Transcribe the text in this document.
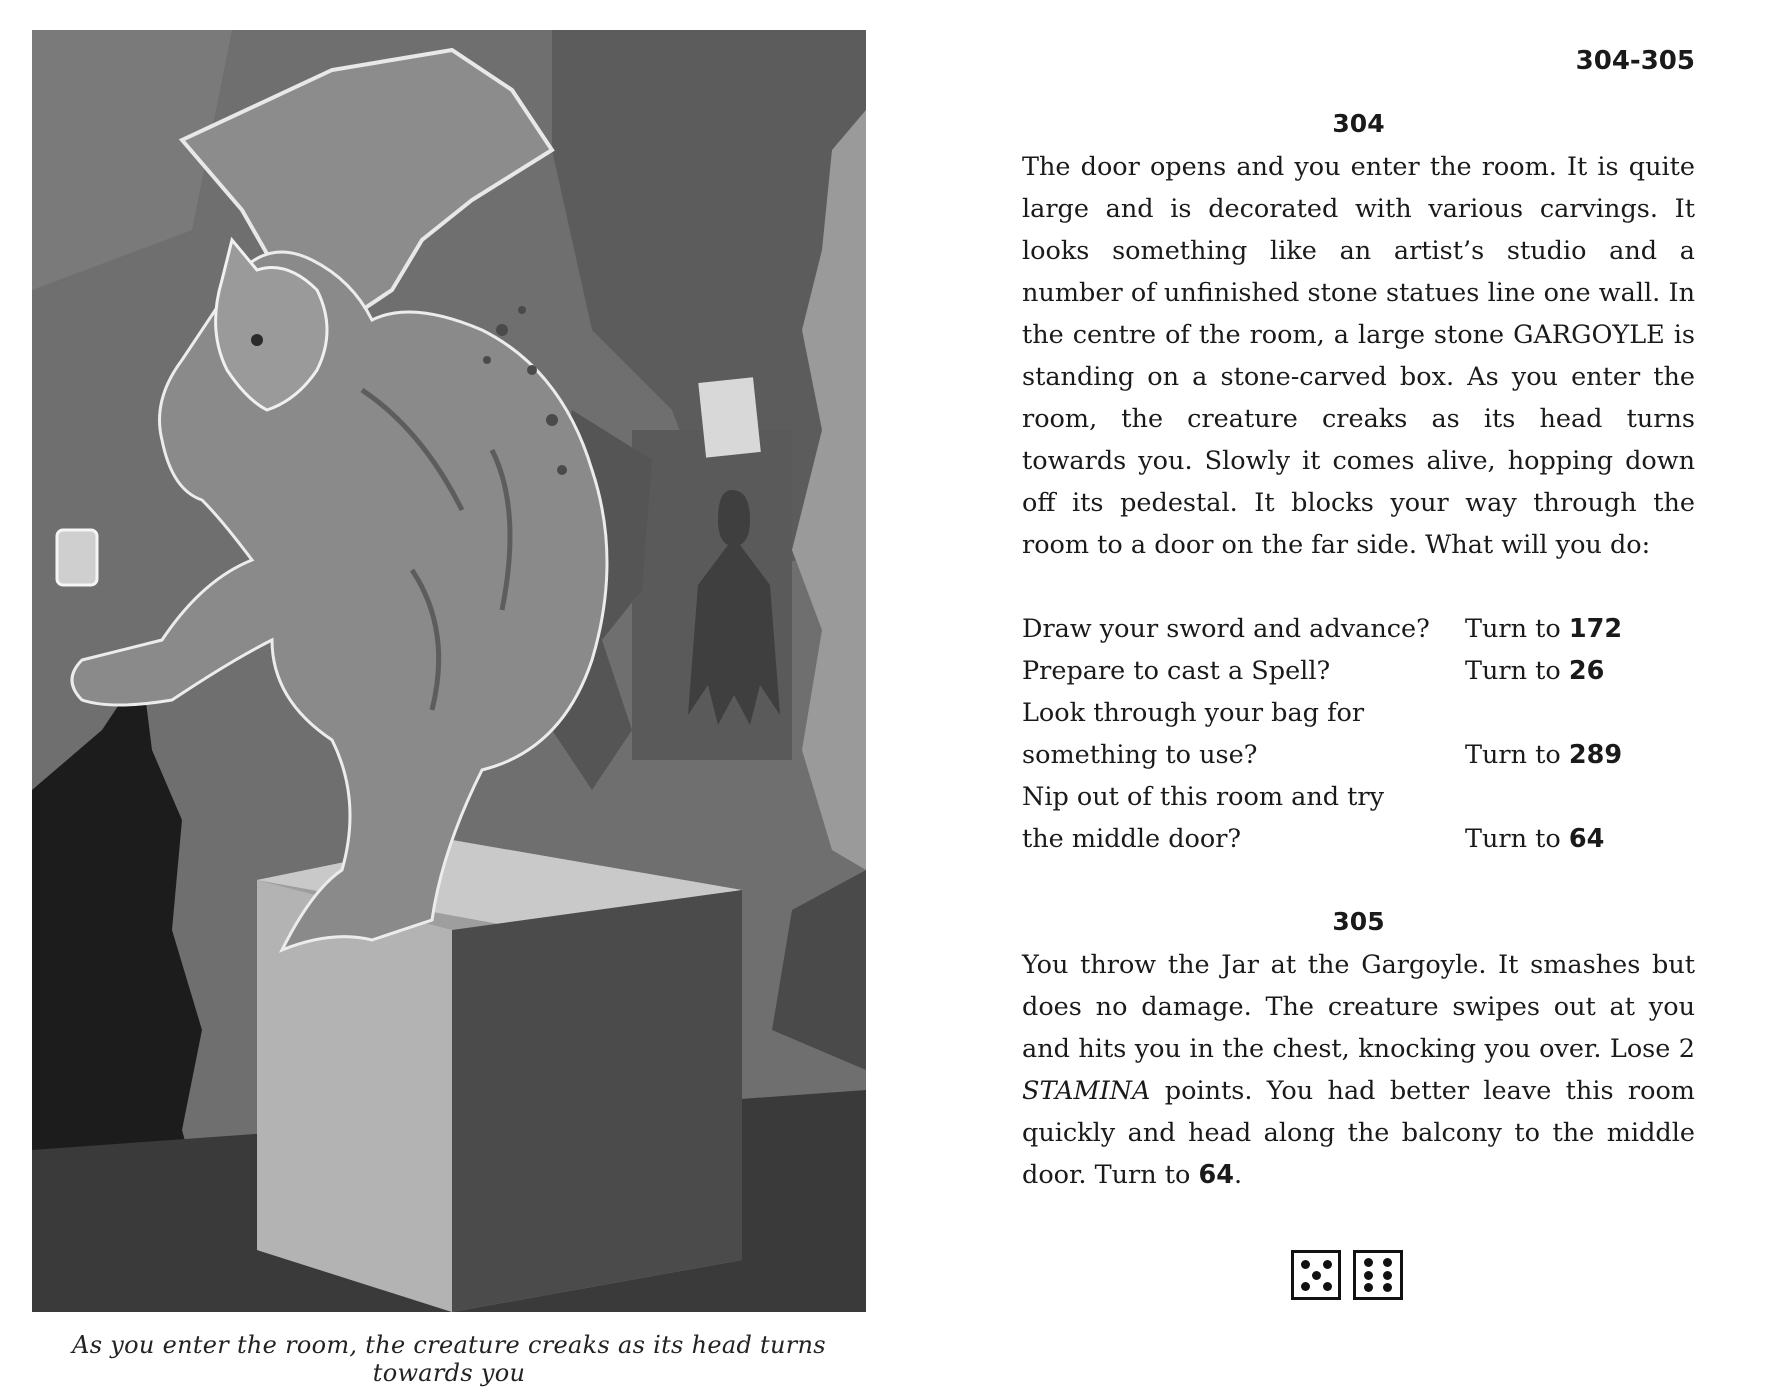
As you enter the room, the creature creaks as its head turns towards you
304-305
304

The door opens and you enter the room. It is quite large and is decorated with various carvings. It looks something like an artist’s studio and a number of unfinished stone statues line one wall. In the centre of the room, a large stone GARGOYLE is standing on a stone-carved box. As you enter the room, the creature creaks as its head turns towards you. Slowly it comes alive, hopping down off its pedestal. It blocks your way through the room to a door on the far side. What will you do:

Draw your sword and advance?	Turn to 172
Prepare to cast a Spell?	Turn to 26
Look through your bag for
something to use?	Turn to 289
Nip out of this room and try
the middle door?	Turn to 64
305

You throw the Jar at the Gargoyle. It smashes but does no damage. The creature swipes out at you and hits you in the chest, knocking you over. Lose 2 STAMINA points. You had better leave this room quickly and head along the balcony to the middle door. Turn to 64.
